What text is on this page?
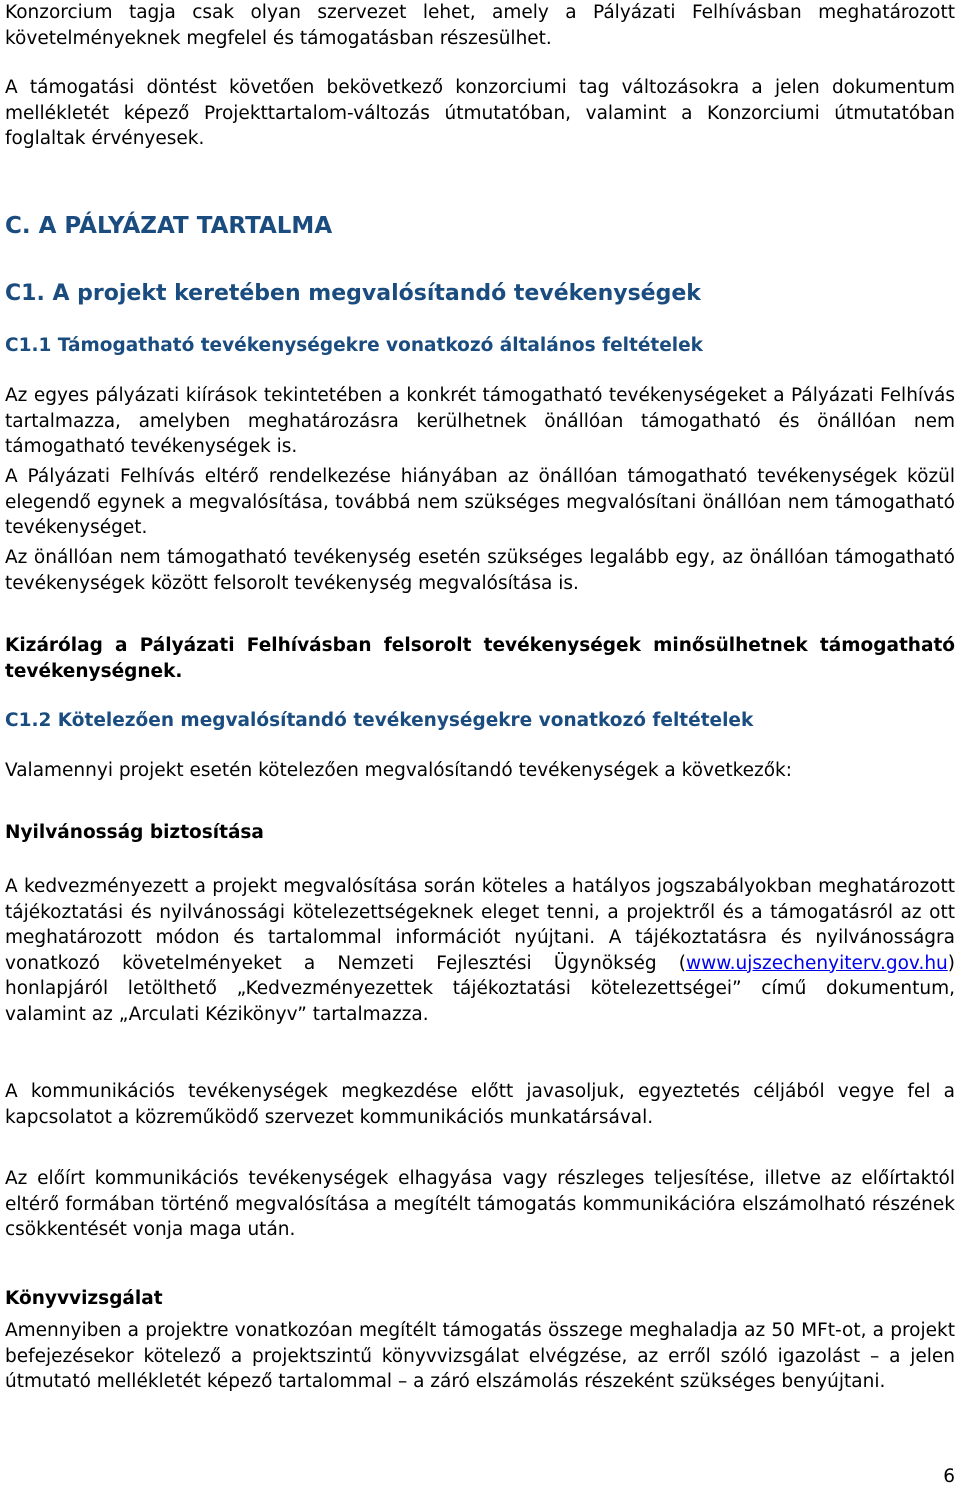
Konzorcium tagja csak olyan szervezet lehet, amely a Pályázati Felhívásban meghatározott követelményeknek megfelel és támogatásban részesülhet.

A támogatási döntést követően bekövetkező konzorciumi tag változásokra a jelen dokumentum mellékletét képező Projekttartalom-változás útmutatóban, valamint a Konzorciumi útmutatóban foglaltak érvényesek.

C. A PÁLYÁZAT TARTALMA
C1. A projekt keretében megvalósítandó tevékenységek
C1.1 Támogatható tevékenységekre vonatkozó általános feltételek

Az egyes pályázati kiírások tekintetében a konkrét támogatható tevékenységeket a Pályázati Felhívás tartalmazza, amelyben meghatározásra kerülhetnek önállóan támogatható és önállóan nem támogatható tevékenységek is.

A Pályázati Felhívás eltérő rendelkezése hiányában az önállóan támogatható tevékenységek közül elegendő egynek a megvalósítása, továbbá nem szükséges megvalósítani önállóan nem támogatható tevékenységet.

Az önállóan nem támogatható tevékenység esetén szükséges legalább egy, az önállóan támogatható tevékenységek között felsorolt tevékenység megvalósítása is.

Kizárólag a Pályázati Felhívásban felsorolt tevékenységek minősülhetnek támogatható tevékenységnek.

C1.2 Kötelezően megvalósítandó tevékenységekre vonatkozó feltételek

Valamennyi projekt esetén kötelezően megvalósítandó tevékenységek a következők:

Nyilvánosság biztosítása

A kedvezményezett a projekt megvalósítása során köteles a hatályos jogszabályokban meghatározott tájékoztatási és nyilvánossági kötelezettségeknek eleget tenni, a projektről és a támogatásról az ott meghatározott módon és tartalommal információt nyújtani. A tájékoztatásra és nyilvánosságra vonatkozó követelményeket a Nemzeti Fejlesztési Ügynökség (www.ujszechenyiterv.gov.hu) honlapjáról letölthető „Kedvezményezettek tájékoztatási kötelezettségei” című dokumentum, valamint az „Arculati Kézikönyv” tartalmazza.

A kommunikációs tevékenységek megkezdése előtt javasoljuk, egyeztetés céljából vegye fel a kapcsolatot a közreműködő szervezet kommunikációs munkatársával.

Az előírt kommunikációs tevékenységek elhagyása vagy részleges teljesítése, illetve az előírtaktól eltérő formában történő megvalósítása a megítélt támogatás kommunikációra elszámolható részének csökkentését vonja maga után.

Könyvvizsgálat

Amennyiben a projektre vonatkozóan megítélt támogatás összege meghaladja az 50 MFt-ot, a projekt befejezésekor kötelező a projektszintű könyvvizsgálat elvégzése, az erről szóló igazolást – a jelen útmutató mellékletét képező tartalommal – a záró elszámolás részeként szükséges benyújtani.

6
